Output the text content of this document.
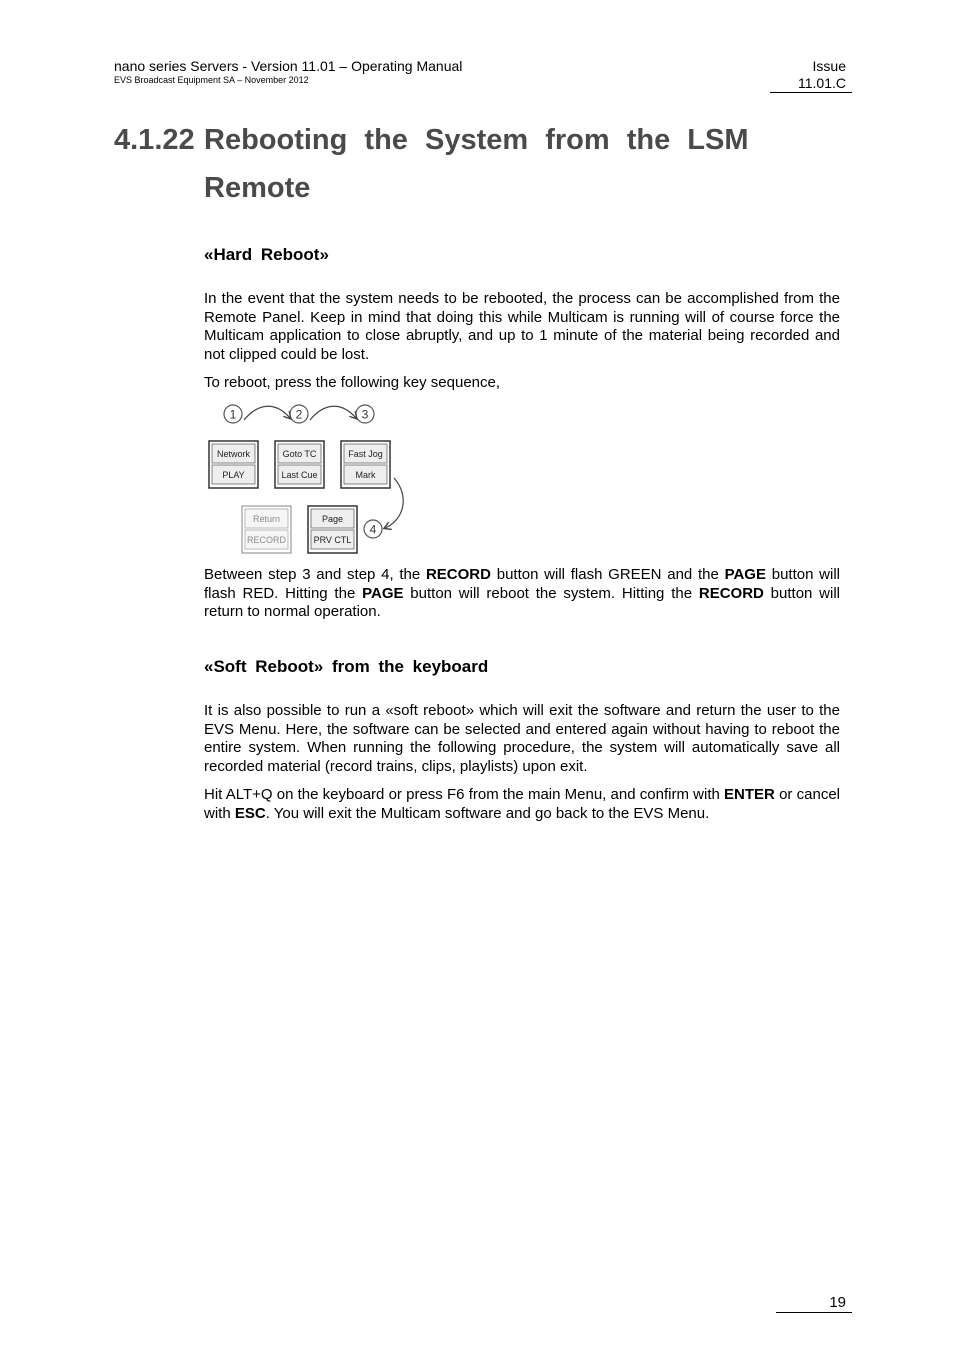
nano series Servers - Version 11.01 – Operating Manual
EVS Broadcast Equipment SA – November 2012
Issue
11.01.C
4.1.22 Rebooting the System from the LSM
Remote
«Hard Reboot»
In the event that the system needs to be rebooted, the process can be accomplished from the Remote Panel. Keep in mind that doing this while Multicam is running will of course force the Multicam application to close abruptly, and up to 1 minute of the material being recorded and not clipped could be lost.
To reboot, press the following key sequence,
1	2	3
4
Network
PLAY
Goto TC
Last Cue
Fast Jog
Mark
Return
RECORD
Page
PRV CTL
Between step 3 and step 4, the RECORD button will flash GREEN and the PAGE button will flash RED. Hitting the PAGE button will reboot the system. Hitting the RECORD button will return to normal operation.
«Soft Reboot» from the keyboard
It is also possible to run a «soft reboot» which will exit the software and return the user to the EVS Menu. Here, the software can be selected and entered again without having to reboot the entire system. When running the following procedure, the system will automatically save all recorded material (record trains, clips, playlists) upon exit.
Hit ALT+Q on the keyboard or press F6 from the main Menu, and confirm with ENTER or cancel with ESC. You will exit the Multicam software and go back to the EVS Menu.
19
